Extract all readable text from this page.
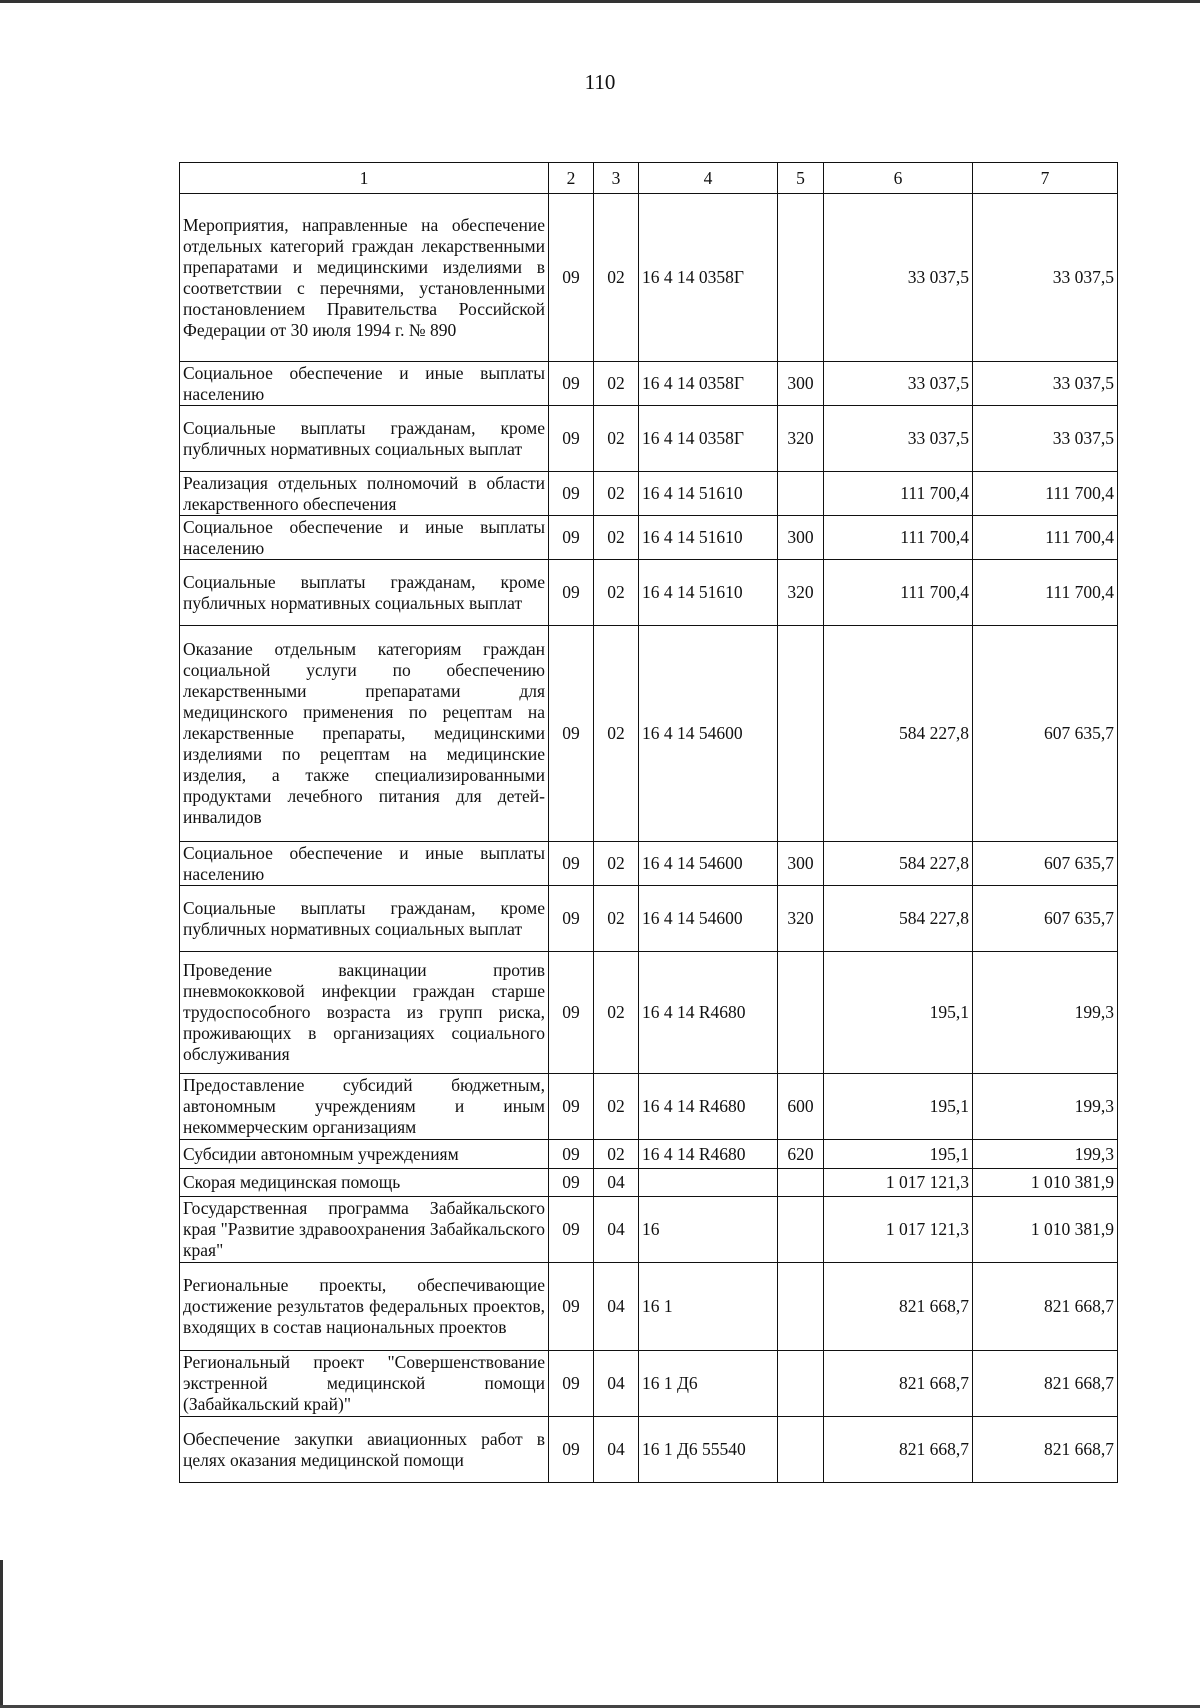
110
1	2	3	4	5	6	7
Мероприятия, направленные на обеспечение отдельных категорий граждан лекарственными препаратами и медицинскими изделиями в соответствии с перечнями, установленными постановлением Правительства Российской Федерации от 30 июля 1994 г. № 890	09	02	16 4 14 0358Г		33 037,5	33 037,5
Социальное обеспечение и иные выплаты населению	09	02	16 4 14 0358Г	300	33 037,5	33 037,5
Социальные выплаты гражданам, кроме публичных нормативных социальных выплат	09	02	16 4 14 0358Г	320	33 037,5	33 037,5
Реализация отдельных полномочий в области лекарственного обеспечения	09	02	16 4 14 51610		111 700,4	111 700,4
Социальное обеспечение и иные выплаты населению	09	02	16 4 14 51610	300	111 700,4	111 700,4
Социальные выплаты гражданам, кроме публичных нормативных социальных выплат	09	02	16 4 14 51610	320	111 700,4	111 700,4
Оказание отдельным категориям граждан социальной услуги по обеспечению лекарственными препаратами для медицинского применения по рецептам на лекарственные препараты, медицинскими изделиями по рецептам на медицинские изделия, а также специализированными продуктами лечебного питания для детей-инвалидов	09	02	16 4 14 54600		584 227,8	607 635,7
Социальное обеспечение и иные выплаты населению	09	02	16 4 14 54600	300	584 227,8	607 635,7
Социальные выплаты гражданам, кроме публичных нормативных социальных выплат	09	02	16 4 14 54600	320	584 227,8	607 635,7
Проведение вакцинации против пневмококковой инфекции граждан старше трудоспособного возраста из групп риска, проживающих в организациях социального обслуживания	09	02	16 4 14 R4680		195,1	199,3
Предоставление субсидий бюджетным, автономным учреждениям и иным некоммерческим организациям	09	02	16 4 14 R4680	600	195,1	199,3
Субсидии автономным учреждениям	09	02	16 4 14 R4680	620	195,1	199,3
Скорая медицинская помощь	09	04			1 017 121,3	1 010 381,9
Государственная программа Забайкальского края "Развитие здравоохранения Забайкальского края"	09	04	16		1 017 121,3	1 010 381,9
Региональные проекты, обеспечивающие достижение результатов федеральных проектов, входящих в состав национальных проектов	09	04	16 1		821 668,7	821 668,7
Региональный проект "Совершенствование экстренной медицинской помощи (Забайкальский край)"	09	04	16 1 Д6		821 668,7	821 668,7
Обеспечение закупки авиационных работ в целях оказания медицинской помощи	09	04	16 1 Д6 55540		821 668,7	821 668,7
